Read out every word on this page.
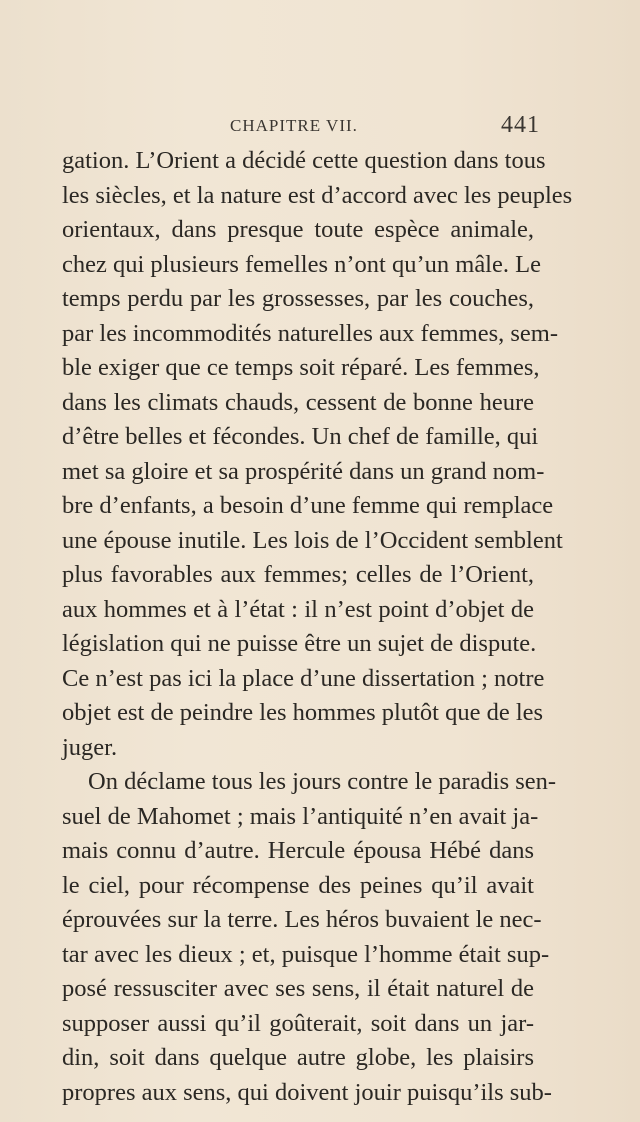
CHAPITRE VII.	441
gation. L’Orient a décidé cette question dans tous
les siècles, et la nature est d’accord avec les peuples
orientaux, dans presque toute espèce animale,
chez qui plusieurs femelles n’ont qu’un mâle. Le
temps perdu par les grossesses, par les couches,
par les incommodités naturelles aux femmes, sem-
ble exiger que ce temps soit réparé. Les femmes,
dans les climats chauds, cessent de bonne heure
d’être belles et fécondes. Un chef de famille, qui
met sa gloire et sa prospérité dans un grand nom-
bre d’enfants, a besoin d’une femme qui remplace
une épouse inutile. Les lois de l’Occident semblent
plus favorables aux femmes; celles de l’Orient,
aux hommes et à l’état : il n’est point d’objet de
législation qui ne puisse être un sujet de dispute.
Ce n’est pas ici la place d’une dissertation ; notre
objet est de peindre les hommes plutôt que de les
juger.
On déclame tous les jours contre le paradis sen-
suel de Mahomet ; mais l’antiquité n’en avait ja-
mais connu d’autre. Hercule épousa Hébé dans
le ciel, pour récompense des peines qu’il avait
éprouvées sur la terre. Les héros buvaient le nec-
tar avec les dieux ; et, puisque l’homme était sup-
posé ressusciter avec ses sens, il était naturel de
supposer aussi qu’il goûterait, soit dans un jar-
din, soit dans quelque autre globe, les plaisirs
propres aux sens, qui doivent jouir puisqu’ils sub-
